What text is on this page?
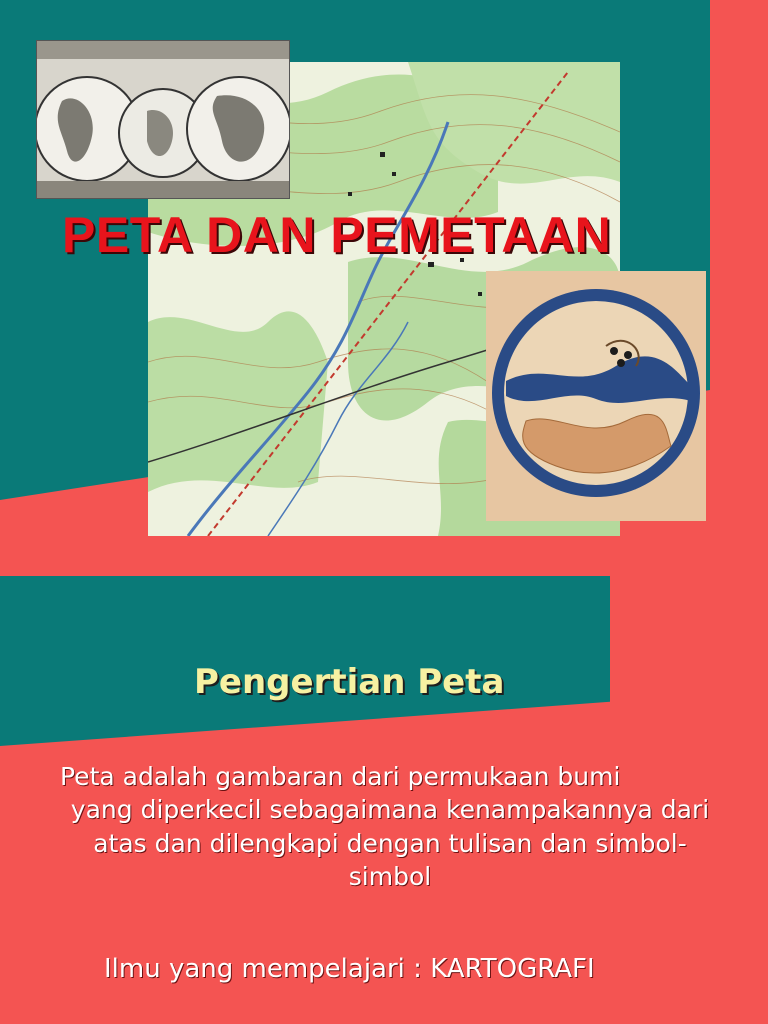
PETA DAN PEMETAAN
Pengertian Peta

Peta adalah gambaran dari permukaan bumi
yang diperkecil sebagaimana kenampakannya dari atas dan dilengkapi dengan tulisan dan simbol-simbol

Ilmu yang mempelajari : KARTOGRAFI
